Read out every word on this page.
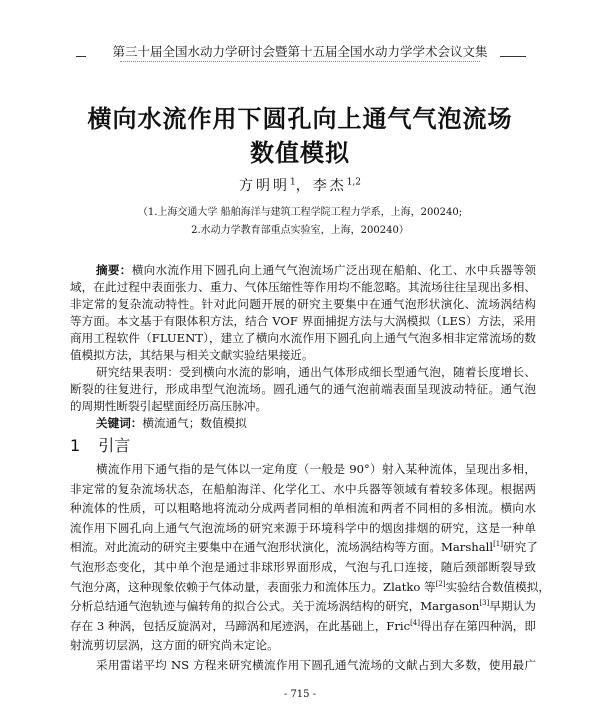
第三十届全国水动力学研讨会暨第十五届全国水动力学学术会议文集
横向水流作用下圆孔向上通气气泡流场
数值模拟
方明明$^1$，李杰$^{1,2}$
（1.上海交通大学 船舶海洋与建筑工程学院工程力学系，上海，200240;
2.水动力学教育部重点实验室，上海，200240）
摘要：横向水流作用下圆孔向上通气气泡流场广泛出现在船舶、化工、水中兵器等领
域，在此过程中表面张力、重力、气体压缩性等作用均不能忽略。其流场往往呈现出多相、
非定常的复杂流动特性。针对此问题开展的研究主要集中在通气泡形状演化、流场涡结构
等方面。本文基于有限体积方法，结合 VOF 界面捕捉方法与大涡模拟（LES）方法，采用
商用工程软件（FLUENT），建立了横向水流作用下圆孔向上通气气泡多相非定常流场的数
值模拟方法，其结果与相关文献实验结果接近。
研究结果表明：受到横向水流的影响，通出气体形成细长型通气泡，随着长度增长、
断裂的往复进行，形成串型气泡流场。圆孔通气的通气泡前端表面呈现波动特征。通气泡
的周期性断裂引起壁面经历高压脉冲。
关键词：横流通气；数值模拟
1 引言
横流作用下通气指的是气体以一定角度（一般是 90°）射入某种流体，呈现出多相，
非定常的复杂流场状态，在船舶海洋、化学化工、水中兵器等领域有着较多体现。根据两
种流体的性质，可以粗略地将流动分成两者同相的单相流和两者不同相的多相流。横向水
流作用下圆孔向上通气气泡流场的研究来源于环境科学中的烟囱排烟的研究，这是一种单
相流。对此流动的研究主要集中在通气泡形状演化，流场涡结构等方面。Marshall[1]研究了
气泡形态变化，其中单个泡是通过非球形界面形成，气泡与孔口连接，随后颈部断裂导致
气泡分离，这种现象依赖于气体动量，表面张力和流体压力。Zlatko 等[2]实验结合数值模拟，
分析总结通气泡轨迹与偏转角的拟合公式。关于流场涡结构的研究，Margason[3]早期认为
存在 3 种涡，包括反旋涡对，马蹄涡和尾迹涡，在此基础上，Fric[4]得出存在第四种涡，即
射流剪切层涡，这方面的研究尚未定论。
采用雷诺平均 NS 方程来研究横流作用下圆孔通气流场的文献占到大多数，使用最广
- 715 -
